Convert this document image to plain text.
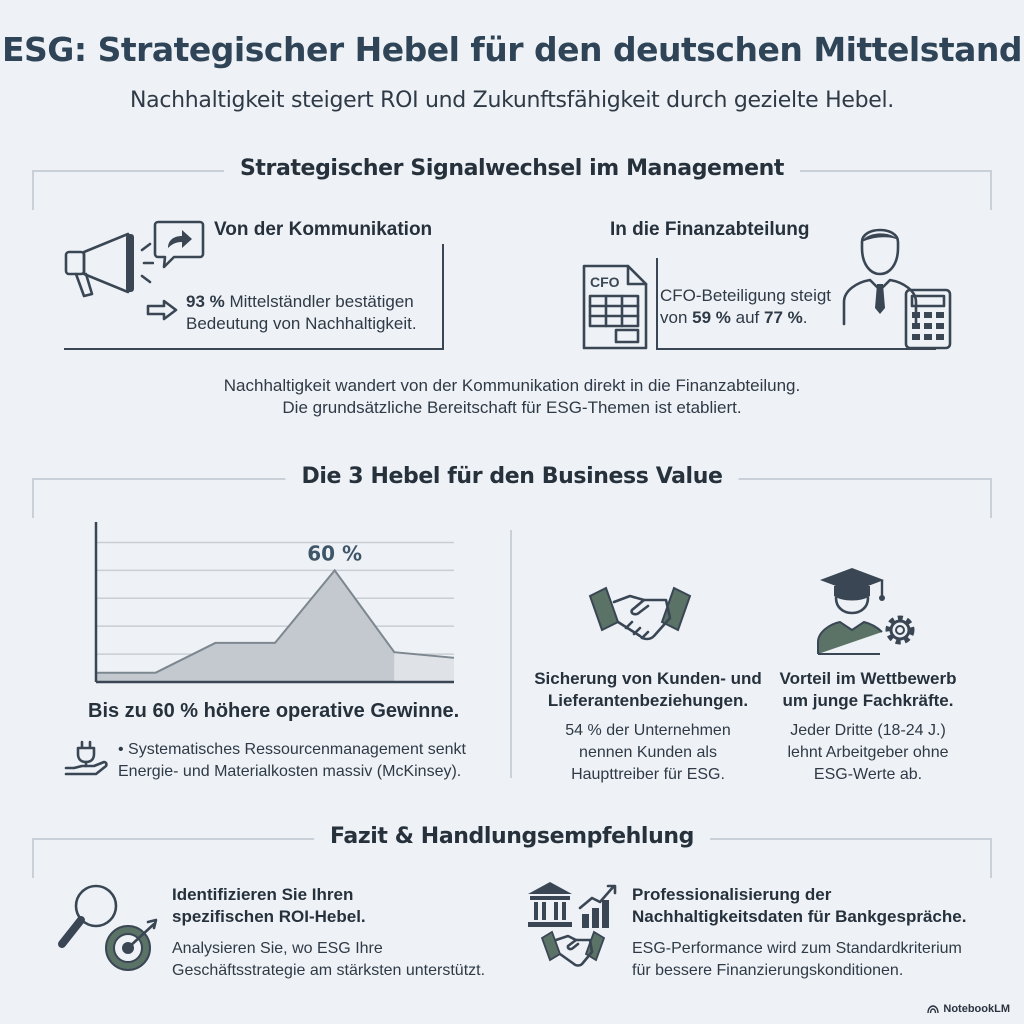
ESG: Strategischer Hebel für den deutschen Mittelstand
Nachhaltigkeit steigert ROI und Zukunftsfähigkeit durch gezielte Hebel.
Strategischer Signalwechsel im Management
Von der Kommunikation
93 % Mittelständler bestätigen
Bedeutung von Nachhaltigkeit.
In die Finanzabteilung
CFO
CFO-Beteiligung steigt
von 59 % auf 77 %.
Nachhaltigkeit wandert von der Kommunikation direkt in die Finanzabteilung.
Die grundsätzliche Bereitschaft für ESG-Themen ist etabliert.
Die 3 Hebel für den Business Value
60 %
Bis zu 60 % höhere operative Gewinne.
• Systematisches Ressourcenmanagement senkt
Energie- und Materialkosten massiv (McKinsey).
Sicherung von Kunden- und
Lieferantenbeziehungen.
54 % der Unternehmen
nennen Kunden als
Haupttreiber für ESG.
Vorteil im Wettbewerb
um junge Fachkräfte.
Jeder Dritte (18-24 J.)
lehnt Arbeitgeber ohne
ESG-Werte ab.
Fazit & Handlungsempfehlung
Identifizieren Sie Ihren
spezifischen ROI-Hebel.
Analysieren Sie, wo ESG Ihre
Geschäftsstrategie am stärksten unterstützt.
Professionalisierung der
Nachhaltigkeitsdaten für Bankgespräche.
ESG-Performance wird zum Standardkriterium
für bessere Finanzierungskonditionen.
NotebookLM
